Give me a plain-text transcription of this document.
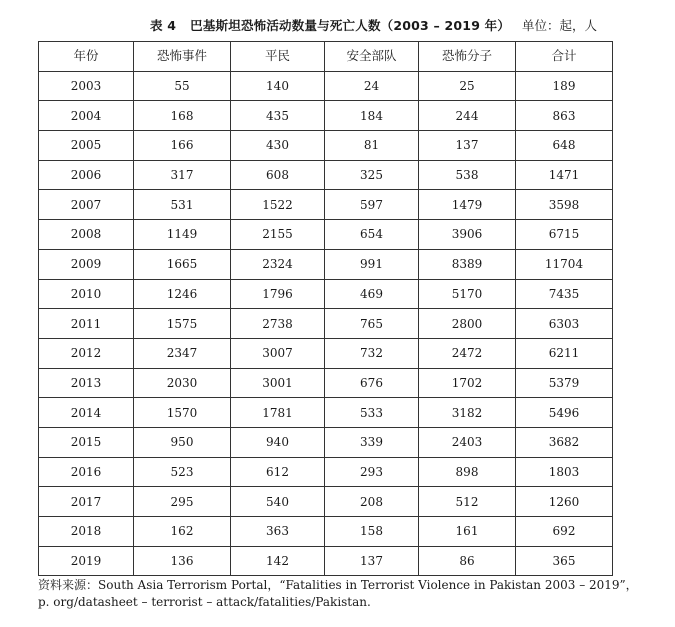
表 4 巴基斯坦恐怖活动数量与死亡人数（2003 – 2019 年） 单位：起，人
年份	恐怖事件	平民	安全部队	恐怖分子	合计
2003	55	140	24	25	189
2004	168	435	184	244	863
2005	166	430	81	137	648
2006	317	608	325	538	1471
2007	531	1522	597	1479	3598
2008	1149	2155	654	3906	6715
2009	1665	2324	991	8389	11704
2010	1246	1796	469	5170	7435
2011	1575	2738	765	2800	6303
2012	2347	3007	732	2472	6211
2013	2030	3001	676	1702	5379
2014	1570	1781	533	3182	5496
2015	950	940	339	2403	3682
2016	523	612	293	898	1803
2017	295	540	208	512	1260
2018	162	363	158	161	692
2019	136	142	137	86	365
资料来源：South Asia Terrorism Portal，“Fatalities in Terrorist Violence in Pakistan 2003 – 2019”，
p. org/datasheet – terrorist – attack/fatalities/Pakistan.
